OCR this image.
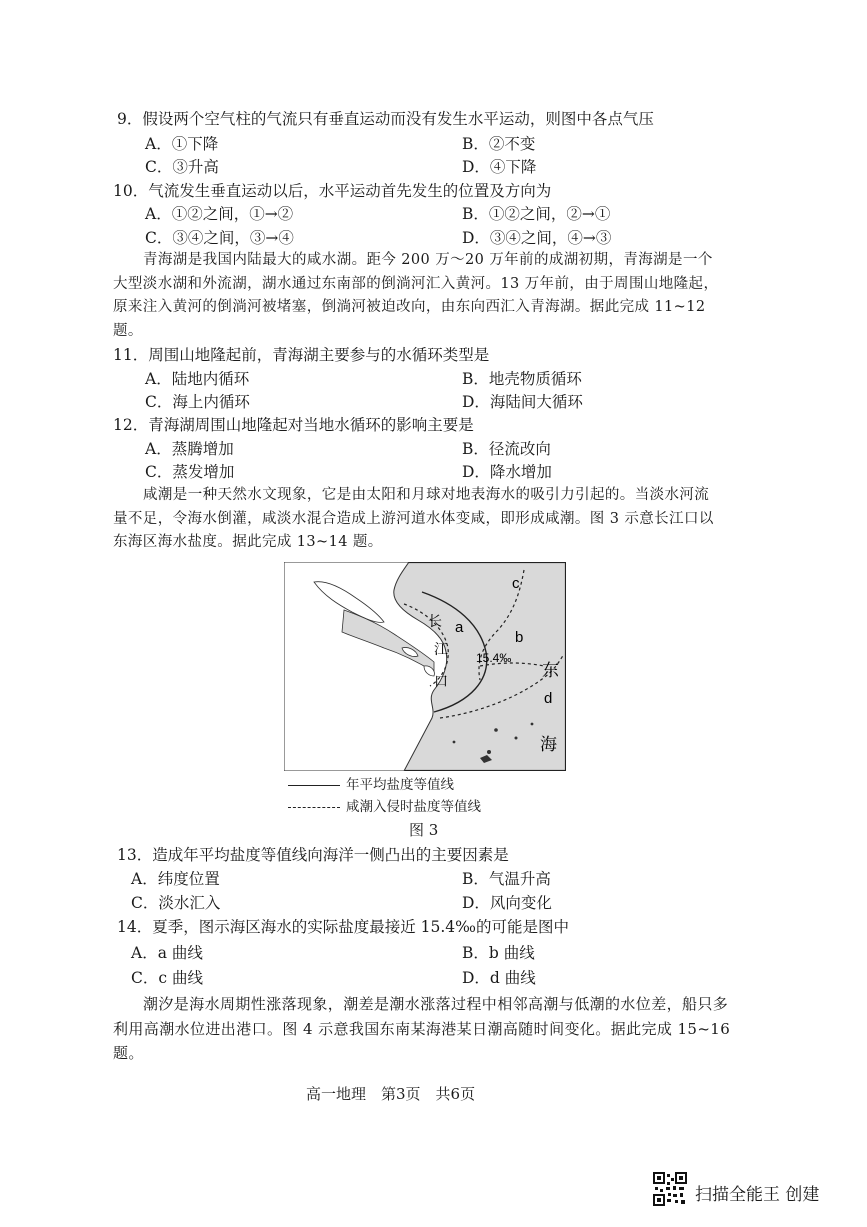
9．假设两个空气柱的气流只有垂直运动而没有发生水平运动，则图中各点气压
A．①下降	B．②不变
C．③升高	D．④下降
10．气流发生垂直运动以后，水平运动首先发生的位置及方向为
A．①②之间，①→②	B．①②之间，②→①
C．③④之间，③→④	D．③④之间，④→③
青海湖是我国内陆最大的咸水湖。距今 200 万～20 万年前的成湖初期，青海湖是一个大型淡水湖和外流湖，湖水通过东南部的倒淌河汇入黄河。13 万年前，由于周围山地隆起，原来注入黄河的倒淌河被堵塞，倒淌河被迫改向，由东向西汇入青海湖。据此完成 11~12 题。
11．周围山地隆起前，青海湖主要参与的水循环类型是
A．陆地内循环	B．地壳物质循环
C．海上内循环	D．海陆间大循环
12．青海湖周围山地隆起对当地水循环的影响主要是
A．蒸腾增加	B．径流改向
C．蒸发增加	D．降水增加
咸潮是一种天然水文现象，它是由太阳和月球对地表海水的吸引力引起的。当淡水河流量不足，令海水倒灌，咸淡水混合造成上游河道水体变咸，即形成咸潮。图 3 示意长江口以东海区海水盐度。据此完成 13~14 题。
a
b
c
d
15.4‰
长
江
口
东
海
年平均盐度等值线
咸潮入侵时盐度等值线
图 3
13．造成年平均盐度等值线向海洋一侧凸出的主要因素是
A．纬度位置	B．气温升高
C．淡水汇入	D．风向变化
14．夏季，图示海区海水的实际盐度最接近 15.4‰的可能是图中
A．a 曲线	B．b 曲线
C．c 曲线	D．d 曲线
潮汐是海水周期性涨落现象，潮差是潮水涨落过程中相邻高潮与低潮的水位差，船只多利用高潮水位进出港口。图 4 示意我国东南某海港某日潮高随时间变化。据此完成 15~16 题。
高一地理　第3页　共6页
扫描全能王 创建
